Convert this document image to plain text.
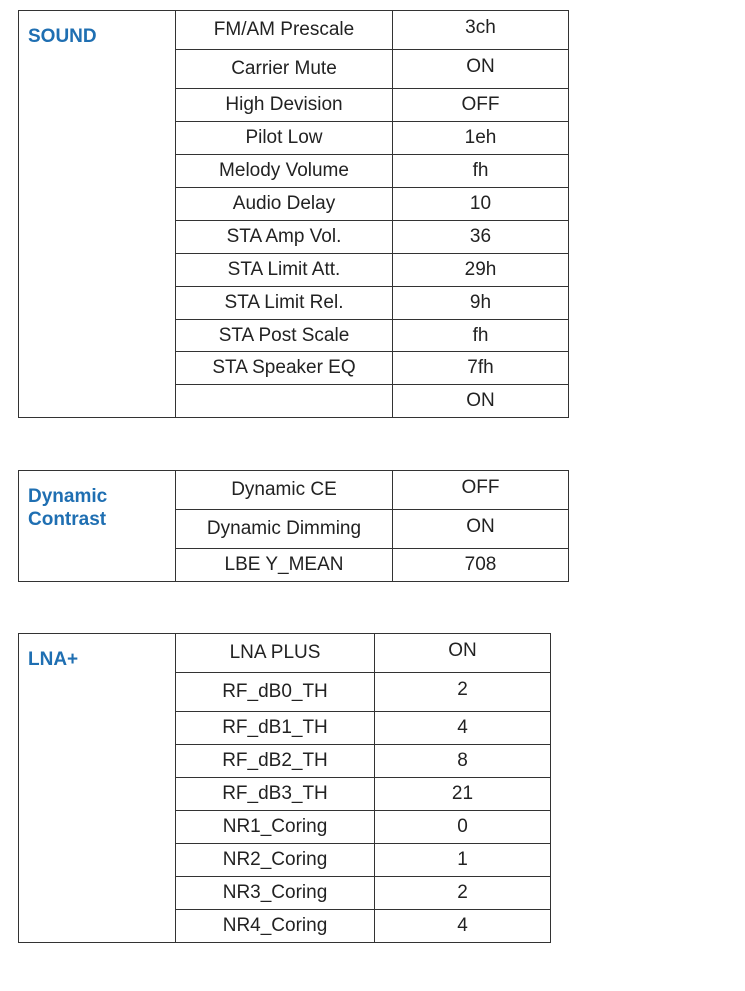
SOUND	FM/AM Prescale	3ch
	Carrier Mute	ON
	High Devision	OFF
	Pilot Low	1eh
	Melody Volume	fh
	Audio Delay	10
	STA Amp Vol.	36
	STA Limit Att.	29h
	STA Limit Rel.	9h
	STA Post Scale	fh
	STA Speaker EQ	7fh
		ON
Dynamic Contrast	Dynamic CE	OFF
	Dynamic Dimming	ON
	LBE Y_MEAN	708
LNA+	LNA PLUS	ON
	RF_dB0_TH	2
	RF_dB1_TH	4
	RF_dB2_TH	8
	RF_dB3_TH	21
	NR1_Coring	0
	NR2_Coring	1
	NR3_Coring	2
	NR4_Coring	4
